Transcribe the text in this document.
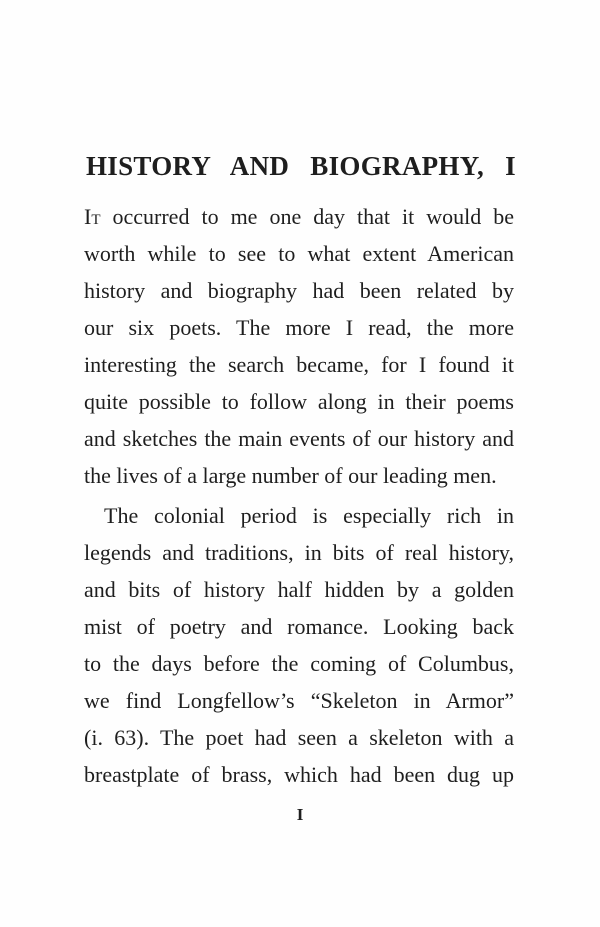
HISTORY AND BIOGRAPHY, I
It occurred to me one day that it would be
worth while to see to what extent American
history and biography had been related by
our six poets. The more I read, the more
interesting the search became, for I found it
quite possible to follow along in their poems
and sketches the main events of our history and
the lives of a large number of our leading men.
The colonial period is especially rich in
legends and traditions, in bits of real history,
and bits of history half hidden by a golden
mist of poetry and romance. Looking back
to the days before the coming of Columbus,
we find Longfellow’s “Skeleton in Armor”
(i. 63). The poet had seen a skeleton with a
breastplate of brass, which had been dug up
I
